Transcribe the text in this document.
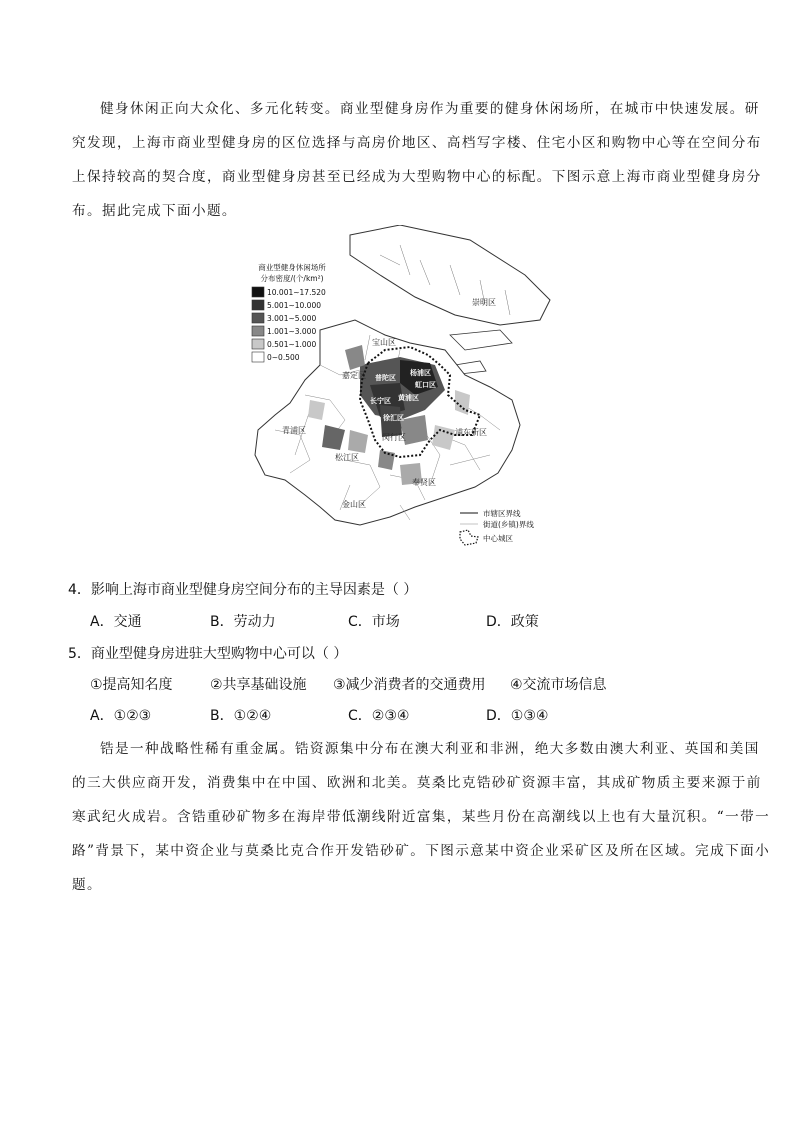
健身休闲正向大众化、多元化转变。商业型健身房作为重要的健身休闲场所，在城市中快速发展。研
究发现，上海市商业型健身房的区位选择与高房价地区、高档写字楼、住宅小区和购物中心等在空间分布
上保持较高的契合度，商业型健身房甚至已经成为大型购物中心的标配。下图示意上海市商业型健身房分
布。据此完成下面小题。
商业型健身休闲场所
分布密度/(个/km²)
10.001~17.520
5.001~10.000
3.001~5.000
1.001~3.000
0.501~1.000
0~0.500
崇明区
宝山区
嘉定区 普陀区
杨浦区
虹口区
长宁区 黄浦区
徐汇区
青浦区
闵行区
浦东新区
松江区
奉贤区
金山区
市辖区界线
街道(乡镇)界线
中心城区
4．影响上海市商业型健身房空间分布的主导因素是（ ）
A．交通	B．劳动力	C．市场	D．政策
5．商业型健身房进驻大型购物中心可以（ ）
①提高知名度	②共享基础设施 ③减少消费者的交通费用 ④交流市场信息
A．①②③	B．①②④	C．②③④	D．①③④
锆是一种战略性稀有重金属。锆资源集中分布在澳大利亚和非洲，绝大多数由澳大利亚、英国和美国
的三大供应商开发，消费集中在中国、欧洲和北美。莫桑比克锆砂矿资源丰富，其成矿物质主要来源于前
寒武纪火成岩。含锆重砂矿物多在海岸带低潮线附近富集，某些月份在高潮线以上也有大量沉积。“一带一
路”背景下，某中资企业与莫桑比克合作开发锆砂矿。下图示意某中资企业采矿区及所在区域。完成下面小
题。
